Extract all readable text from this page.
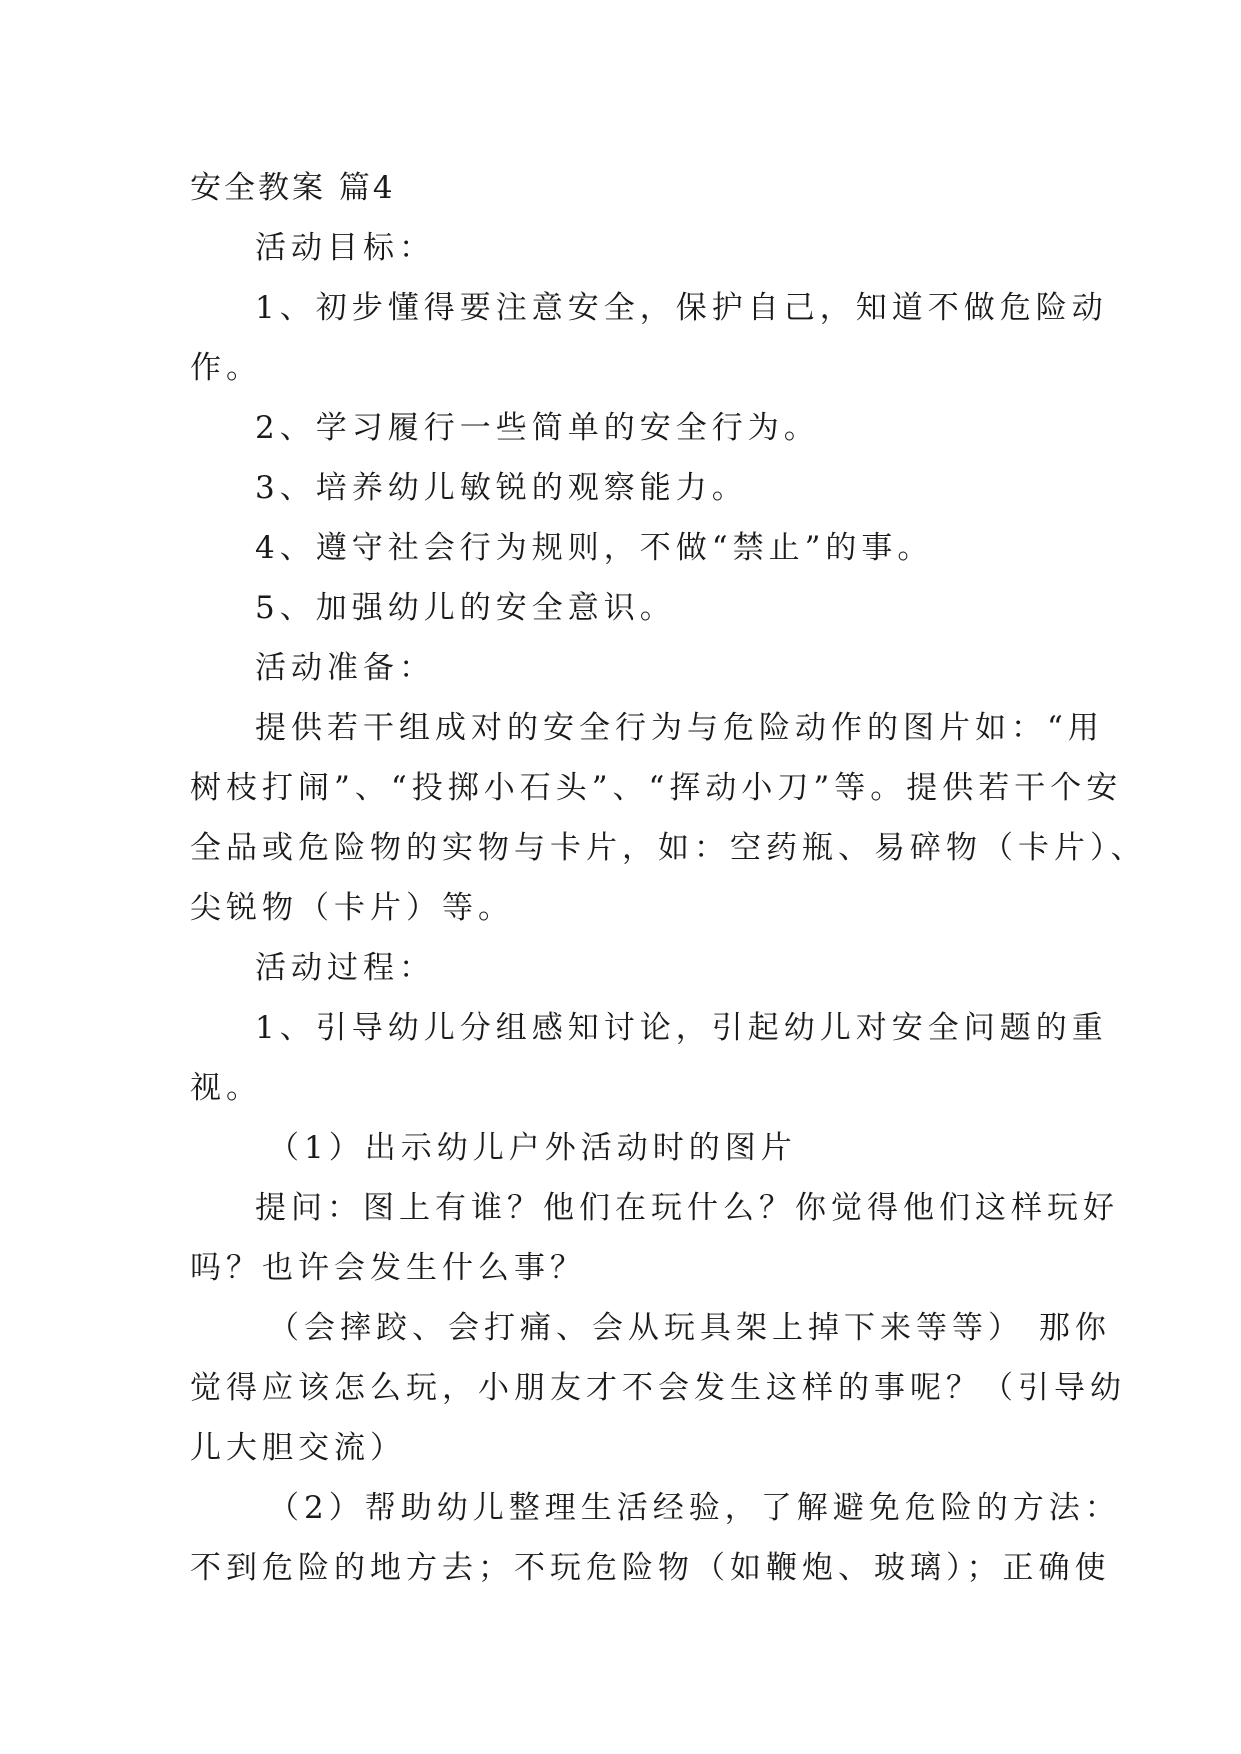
安全教案 篇4
活动目标：
1、初步懂得要注意安全，保护自己，知道不做危险动
作。
2、学习履行一些简单的安全行为。
3、培养幼儿敏锐的观察能力。
4、遵守社会行为规则，不做“禁止”的事。
5、加强幼儿的安全意识。
活动准备：
提供若干组成对的安全行为与危险动作的图片如：“用
树枝打闹”、“投掷小石头”、“挥动小刀”等。提供若干个安
全品或危险物的实物与卡片，如：空药瓶、易碎物（卡片）、
尖锐物（卡片）等。
活动过程：
1、引导幼儿分组感知讨论，引起幼儿对安全问题的重
视。
（1）出示幼儿户外活动时的图片
提问：图上有谁？他们在玩什么？你觉得他们这样玩好
吗？也许会发生什么事？
（会摔跤、会打痛、会从玩具架上掉下来等等） 那你
觉得应该怎么玩，小朋友才不会发生这样的事呢？（引导幼
儿大胆交流）
（2）帮助幼儿整理生活经验，了解避免危险的方法：
不到危险的地方去；不玩危险物（如鞭炮、玻璃）；正确使
